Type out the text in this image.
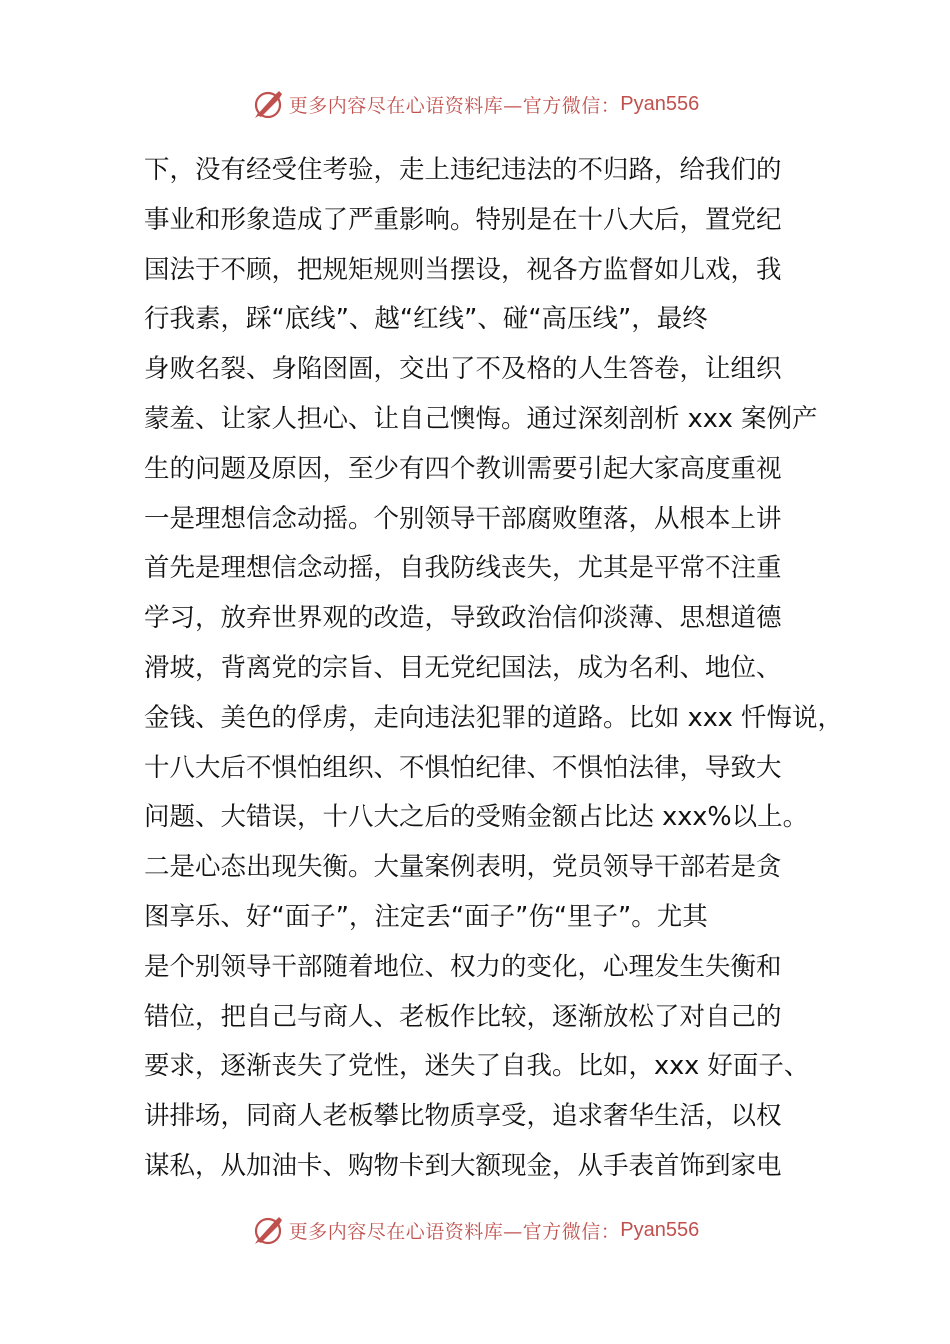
更多内容尽在心语资料库—官方微信： Pyan556
下，没有经受住考验，走上违纪违法的不归路，给我们的
事业和形象造成了严重影响。特别是在十八大后，置党纪
国法于不顾，把规矩规则当摆设，视各方监督如儿戏，我
行我素，踩“底线”、越“红线”、碰“高压线”，最终
身败名裂、身陷囹圄，交出了不及格的人生答卷，让组织
蒙羞、让家人担心、让自己懊悔。通过深刻剖析 xxx 案例产
生的问题及原因，至少有四个教训需要引起大家高度重视
一是理想信念动摇。个别领导干部腐败堕落，从根本上讲
首先是理想信念动摇，自我防线丧失，尤其是平常不注重
学习，放弃世界观的改造，导致政治信仰淡薄、思想道德
滑坡，背离党的宗旨、目无党纪国法，成为名利、地位、
金钱、美色的俘虏，走向违法犯罪的道路。比如 xxx 忏悔说，
十八大后不惧怕组织、不惧怕纪律、不惧怕法律，导致大
问题、大错误，十八大之后的受贿金额占比达 xxx%以上。
二是心态出现失衡。大量案例表明，党员领导干部若是贪
图享乐、好“面子”，注定丢“面子”伤“里子”。尤其
是个别领导干部随着地位、权力的变化，心理发生失衡和
错位，把自己与商人、老板作比较，逐渐放松了对自己的
要求，逐渐丧失了党性，迷失了自我。比如，xxx 好面子、
讲排场，同商人老板攀比物质享受，追求奢华生活，以权
谋私，从加油卡、购物卡到大额现金，从手表首饰到家电
更多内容尽在心语资料库—官方微信： Pyan556
